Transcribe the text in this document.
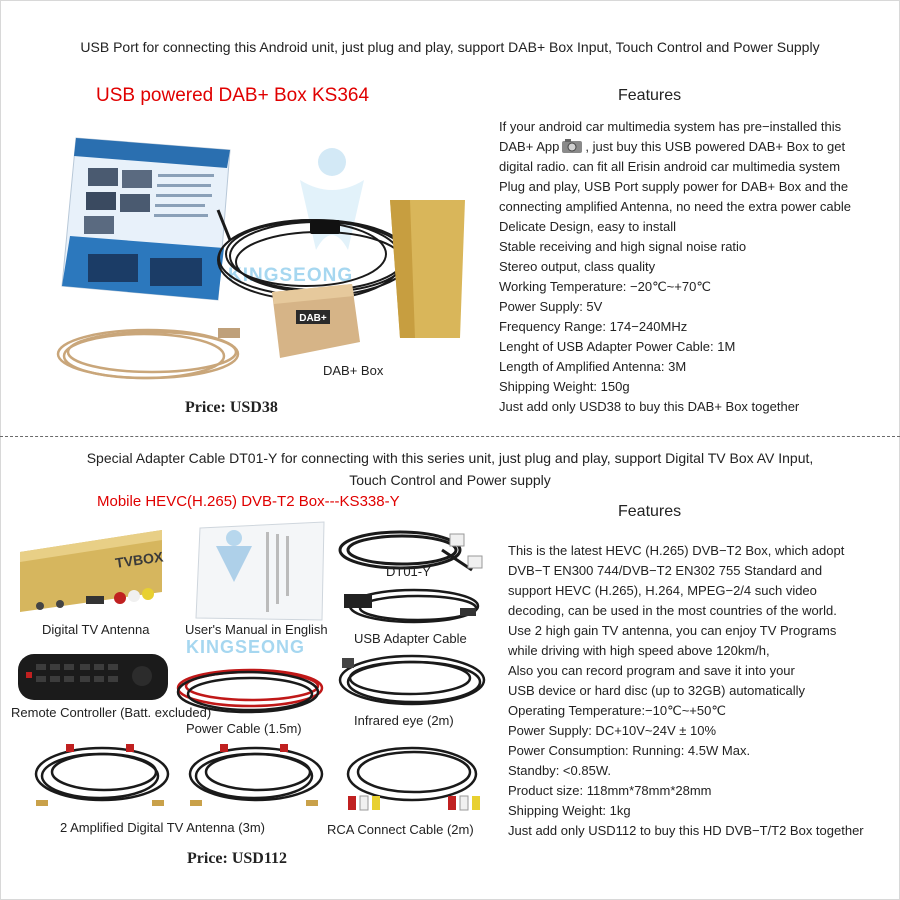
USB Port for connecting this Android unit, just plug and play, support DAB+ Box Input, Touch Control and Power Supply
USB powered DAB+ Box KS364
KINGSEONG
DAB+
DAB+ Box
Price: USD38
Features
If your android car multimedia system has pre−installed this
DAB+ App , just buy this USB powered DAB+ Box to get
digital radio. can fit all Erisin android car multimedia system
Plug and play, USB Port supply power for DAB+ Box and the
connecting amplified Antenna, no need the extra power cable
Delicate Design, easy to install
Stable receiving and high signal noise ratio
Stereo output, class quality
Working Temperature: −20℃~+70℃
Power Supply: 5V
Frequency Range: 174−240MHz
Lenght of USB Adapter Power Cable: 1M
Length of Amplified Antenna: 3M
Shipping Weight: 150g
Just add only USD38 to buy this DAB+ Box together
Special Adapter Cable DT01-Y for connecting with this series unit, just plug and play, support Digital TV Box AV Input,
Touch Control and Power supply
Mobile HEVC(H.265) DVB-T2 Box---KS338-Y
TVBOX
Digital TV Antenna
KINGSEONG
User's Manual in English
DT01-Y
USB Adapter Cable
Remote Controller (Batt. excluded)
Power Cable (1.5m)
Infrared eye (2m)
2 Amplified Digital TV Antenna (3m)	RCA Connect Cable (2m)
Price: USD112
Features
This is the latest HEVC (H.265) DVB−T2 Box, which adopt
DVB−T EN300 744/DVB−T2 EN302 755 Standard and
support HEVC (H.265), H.264, MPEG−2/4 such video
decoding, can be used in the most countries of the world.
Use 2 high gain TV antenna, you can enjoy TV Programs
while driving with high speed above 120km/h,
Also you can record program and save it into your
USB device or hard disc (up to 32GB) automatically
Operating Temperature:−10℃~+50℃
Power Supply: DC+10V~24V ± 10%
Power Consumption: Running: 4.5W Max.
Standby: <0.85W.
Product size: 118mm*78mm*28mm
Shipping Weight: 1kg
Just add only USD112 to buy this HD DVB−T/T2 Box together
